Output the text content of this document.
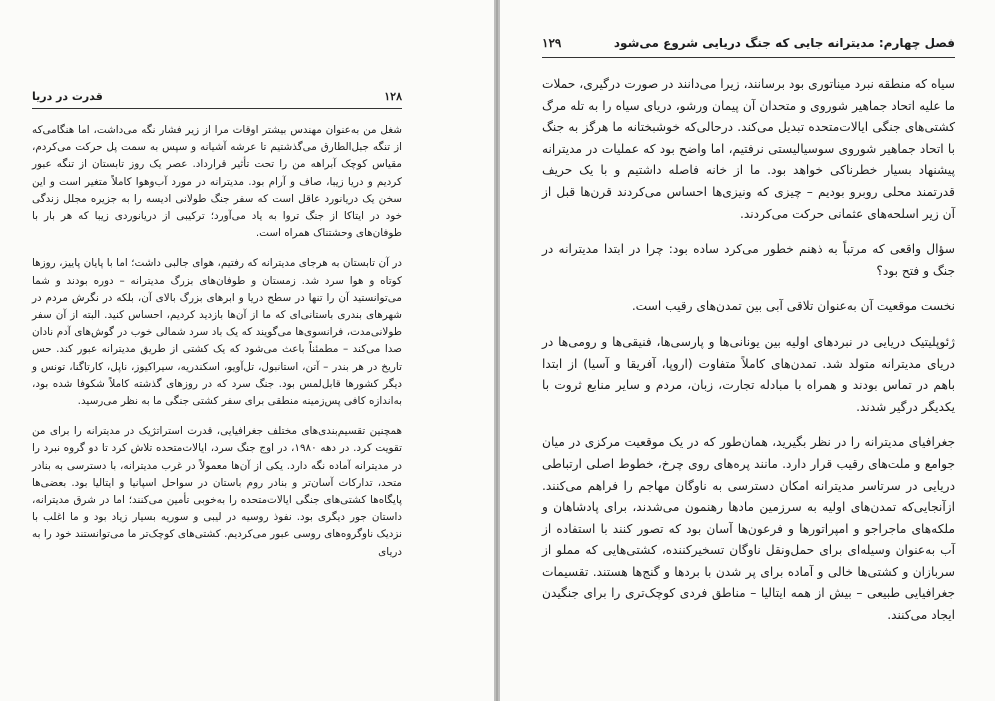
۱۲۸
قدرت در دریا

شغل من به‌عنوان مهندس بیشتر اوقات مرا از زیر فشار نگه می‌داشت، اما هنگامی‌که از تنگه جبل‌الطارق می‌گذشتیم تا عرشه آشیانه و سپس به سمت پل حرکت می‌کردم، مقیاس کوچک آبراهه من را تحت تأثیر قرارداد. عصر یک روز تابستان از تنگه عبور کردیم و دریا زیبا، صاف و آرام بود. مدیترانه در مورد آب‌وهوا کاملاً متغیر است و این سخن یک دریانورد عاقل است که سفر جنگ طولانی ادیسه را به جزیره مجلل زندگی خود در ایتاکا از جنگ تروا به یاد می‌آورد؛ ترکیبی از دریانوردی زیبا که هر بار با طوفان‌های وحشتناک همراه است.

در آن تابستان به هرجای مدیترانه که رفتیم، هوای جالبی داشت؛ اما با پایان پاییز، روزها کوتاه و هوا سرد شد. زمستان و طوفان‌های بزرگ مدیترانه – دوره بودند و شما می‌توانستید آن را تنها در سطح دریا و ابرهای بزرگ بالای آن، بلکه در نگرش مردم در شهرهای بندری باستانی‌ای که ما از آن‌ها بازدید کردیم، احساس کنید. البته از آن سفر طولانی‌مدت، فرانسوی‌ها می‌گویند که یک باد سرد شمالی خوب در گوش‌های آدم نادان صدا می‌کند – مطمئناً باعث می‌شود که یک کشتی از طریق مدیترانه عبور کند. حس تاریخ در هر بندر – آتن، استانبول، تل‌آویو، اسکندریه، سیراکیوز، ناپل، کارتاگنا، تونس و دیگر کشورها قابل‌لمس بود. جنگ سرد که در روزهای گذشته کاملاً شکوفا شده بود، به‌اندازه کافی پس‌زمینه منطقی برای سفر کشتی جنگی ما به نظر می‌رسید.

همچنین تقسیم‌بندی‌های مختلف جغرافیایی، قدرت استراتژیک در مدیترانه را برای من تقویت کرد. در دهه ۱۹۸۰، در اوج جنگ سرد، ایالات‌متحده تلاش کرد تا دو گروه نبرد را در مدیترانه آماده نگه دارد. یکی از آن‌ها معمولاً در غرب مدیترانه، با دسترسی به بنادر متحد، تدارکات آسان‌تر و بنادر روم باستان در سواحل اسپانیا و ایتالیا بود. بعضی‌ها پایگاه‌ها کشتی‌های جنگی ایالات‌متحده را به‌خوبی تأمین می‌کنند؛ اما در شرق مدیترانه، داستان جور دیگری بود. نفوذ روسیه در لیبی و سوریه بسیار زیاد بود و ما اغلب با نزدیک ناوگروه‌های روسی عبور می‌کردیم. کشتی‌های کوچک‌تر ما می‌توانستند خود را به دریای

فصل چهارم: مدیترانه جایی که جنگ دریایی شروع می‌شود
۱۲۹

سیاه که منطقه نبرد میناتوری بود برسانند، زیرا می‌دانند در صورت درگیری، حملات ما علیه اتحاد جماهیر شوروی و متحدان آن پیمان ورشو، دریای سیاه را به تله مرگ کشتی‌های جنگی ایالات‌متحده تبدیل می‌کند. درحالی‌که خوشبختانه ما هرگز به جنگ با اتحاد جماهیر شوروی سوسیالیستی نرفتیم، اما واضح بود که عملیات در مدیترانه پیشنهاد بسیار خطرناکی خواهد بود. ما از خانه فاصله داشتیم و با یک حریف قدرتمند محلی روبرو بودیم – چیزی که ونیزی‌ها احساس می‌کردند قرن‌ها قبل از آن زیر اسلحه‌های عثمانی حرکت می‌کردند.

سؤال واقعی که مرتباً به ذهنم خطور می‌کرد ساده بود: چرا در ابتدا مدیترانه در جنگ و فتح بود؟

نخست موقعیت آن به‌عنوان تلاقی آبی بین تمدن‌های رقیب است.

ژئوپلیتیک دریایی در نبردهای اولیه بین یونانی‌ها و پارسی‌ها، فنیقی‌ها و رومی‌ها در دریای مدیترانه متولد شد. تمدن‌های کاملاً متفاوت (اروپا، آفریقا و آسیا) از ابتدا باهم در تماس بودند و همراه با مبادله تجارت، زبان، مردم و سایر منابع ثروت با یکدیگر درگیر شدند.

جغرافیای مدیترانه را در نظر بگیرید، همان‌طور که در یک موقعیت مرکزی در میان جوامع و ملت‌های رقیب قرار دارد. مانند پره‌های روی چرخ، خطوط اصلی ارتباطی دریایی در سرتاسر مدیترانه امکان دسترسی به ناوگان مهاجم را فراهم می‌کنند. ازآنجایی‌که تمدن‌های اولیه به سرزمین مادها رهنمون می‌شدند، برای پادشاهان و ملکه‌های ماجراجو و امپراتورها و فرعون‌ها آسان بود که تصور کنند با استفاده از آب به‌عنوان وسیله‌ای برای حمل‌ونقل ناوگان تسخیرکننده، کشتی‌هایی که مملو از سربازان و کشتی‌ها خالی و آماده برای پر شدن با بردها و گنج‌ها هستند. تقسیمات جغرافیایی طبیعی – بیش از همه ایتالیا – مناطق فردی کوچک‌تری را برای جنگیدن ایجاد می‌کنند.
